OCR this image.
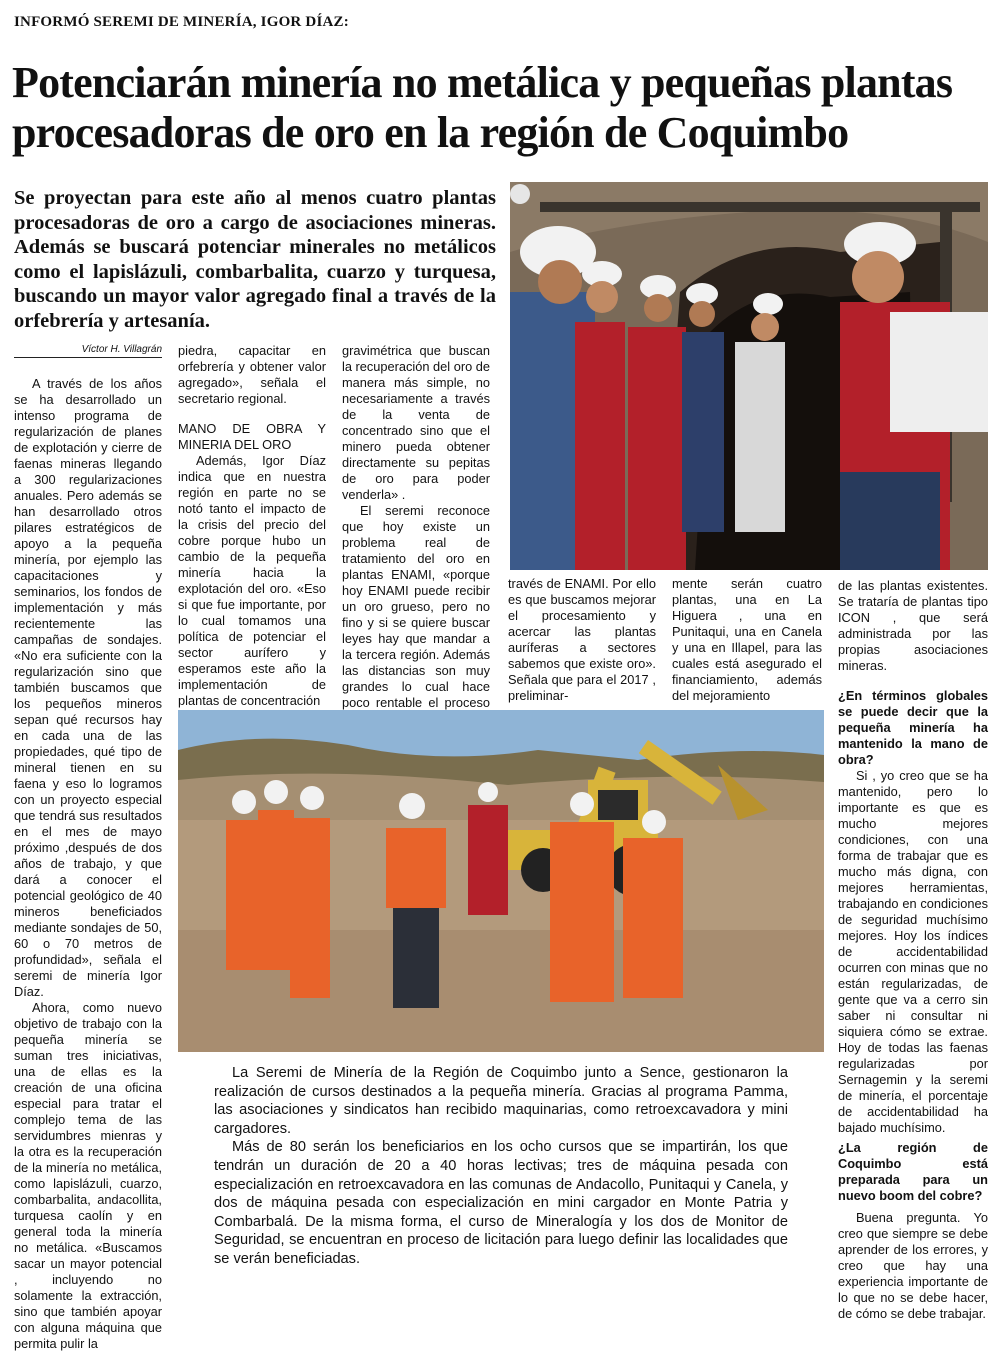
INFORMÓ SEREMI DE MINERÍA, IGOR DÍAZ:
Potenciarán minería no metálica y pequeñas plantas procesadoras de oro en la región de Coquimbo
Se proyectan para este año al menos cuatro plantas procesadoras de oro a cargo de asociaciones mineras. Además se buscará potenciar minerales no metálicos como el lapislázuli, combarbalita, cuarzo y turquesa, buscando un mayor valor agregado final a través de la orfebrería y artesanía.
Víctor H. Villagrán

A través de los años se ha desarrollado un intenso programa de regularización de planes de explotación y cierre de faenas mineras llegando a 300 regularizaciones anuales. Pero además se han desarrollado otros pilares estratégicos de apoyo a la pequeña minería, por ejemplo las capacitaciones y seminarios, los fondos de implementación y más recientemente las campañas de sondajes. «No era suficiente con la regularización sino que también buscamos que los pequeños mineros sepan qué recursos hay en cada una de las propiedades, qué tipo de mineral tienen en su faena y eso lo logramos con un proyecto especial que tendrá sus resultados en el mes de mayo próximo ,después de dos años de trabajo, y que dará a conocer el potencial geológico de 40 mineros beneficiados mediante sondajes de 50, 60 o 70 metros de profundidad», señala el seremi de minería Igor Díaz.

Ahora, como nuevo objetivo de trabajo con la pequeña minería se suman tres iniciativas, una de ellas es la creación de una oficina especial para tratar el complejo tema de las servidumbres mienras y la otra es la recuperación de la minería no metálica, como lapislázuli, cuarzo, combarbalita, andacollita, turquesa caolín y en general toda la minería no metálica. «Buscamos sacar un mayor potencial , incluyendo no solamente la extracción, sino que también apoyar con alguna máquina que permita pulir la

piedra, capacitar en orfebrería y obtener valor agregado», señala el secretario regional.

MANO DE OBRA Y MINERIA DEL ORO

Además, Igor Díaz indica que en nuestra región en parte no se notó tanto el impacto de la crisis del precio del cobre porque hubo un cambio de la pequeña minería hacia la explotación del oro. «Eso si que fue importante, por lo cual tomamos una política de potenciar el sector aurífero y esperamos este año la implementación de plantas de concentración

gravimétrica que buscan la recuperación del oro de manera más simple, no necesariamente a través de la venta de concentrado sino que el minero pueda obtener directamente su pepitas de oro para poder venderla» .

El seremi reconoce que hoy existe un problema real de tratamiento del oro en plantas ENAMI, «porque hoy ENAMI puede recibir un oro grueso, pero no fino y si se quiere buscar leyes hay que mandar a la tercera región. Además las distancias son muy grandes lo cual hace poco rentable el proceso

través de ENAMI. Por ello es que buscamos mejorar el procesamiento y acercar las plantas auríferas a sectores sabemos que existe oro». Señala que para el 2017 , preliminar-

mente serán cuatro plantas, una en La Higuera , una en Punitaqui, una en Canela y una en Illapel, para las cuales está asegurado el financiamiento, además del mejoramiento

de las plantas existentes. Se trataría de plantas tipo ICON , que será administrada por las propias asociaciones mineras.

¿En términos globales se puede decir que la pequeña minería ha mantenido la mano de obra?

Si , yo creo que se ha mantenido, pero lo importante es que es mucho mejores condiciones, con una forma de trabajar que es mucho más digna, con mejores herramientas, trabajando en condiciones de seguridad muchísimo mejores. Hoy los índices de accidentabilidad ocurren con minas que no están regularizadas, de gente que va a cerro sin saber ni consultar ni siquiera cómo se extrae. Hoy de todas las faenas regularizadas por Sernagemin y la seremi de minería, el porcentaje de accidentabilidad ha bajado muchísimo.

¿La región de Coquimbo está preparada para un nuevo boom del cobre?

Buena pregunta. Yo creo que siempre se debe aprender de los errores, y creo que hay una experiencia importante de lo que no se debe hacer, de cómo se debe trabajar.

La Seremi de Minería de la Región de Coquimbo junto a Sence, gestionaron la realización de cursos destinados a la pequeña minería. Gracias al programa Pamma, las asociaciones y sindicatos han recibido maquinarias, como retroexcavadora y mini cargadores.

Más de 80 serán los beneficiarios en los ocho cursos que se impartirán, los que tendrán un duración de 20 a 40 horas lectivas; tres de máquina pesada con especialización en retroexcavadora en las comunas de Andacollo, Punitaqui y Canela, y dos de máquina pesada con especialización en mini cargador en Monte Patria y Combarbalá. De la misma forma, el curso de Mineralogía y los dos de Monitor de Seguridad, se encuentran en proceso de licitación para luego definir las localidades que se verán beneficiadas.
